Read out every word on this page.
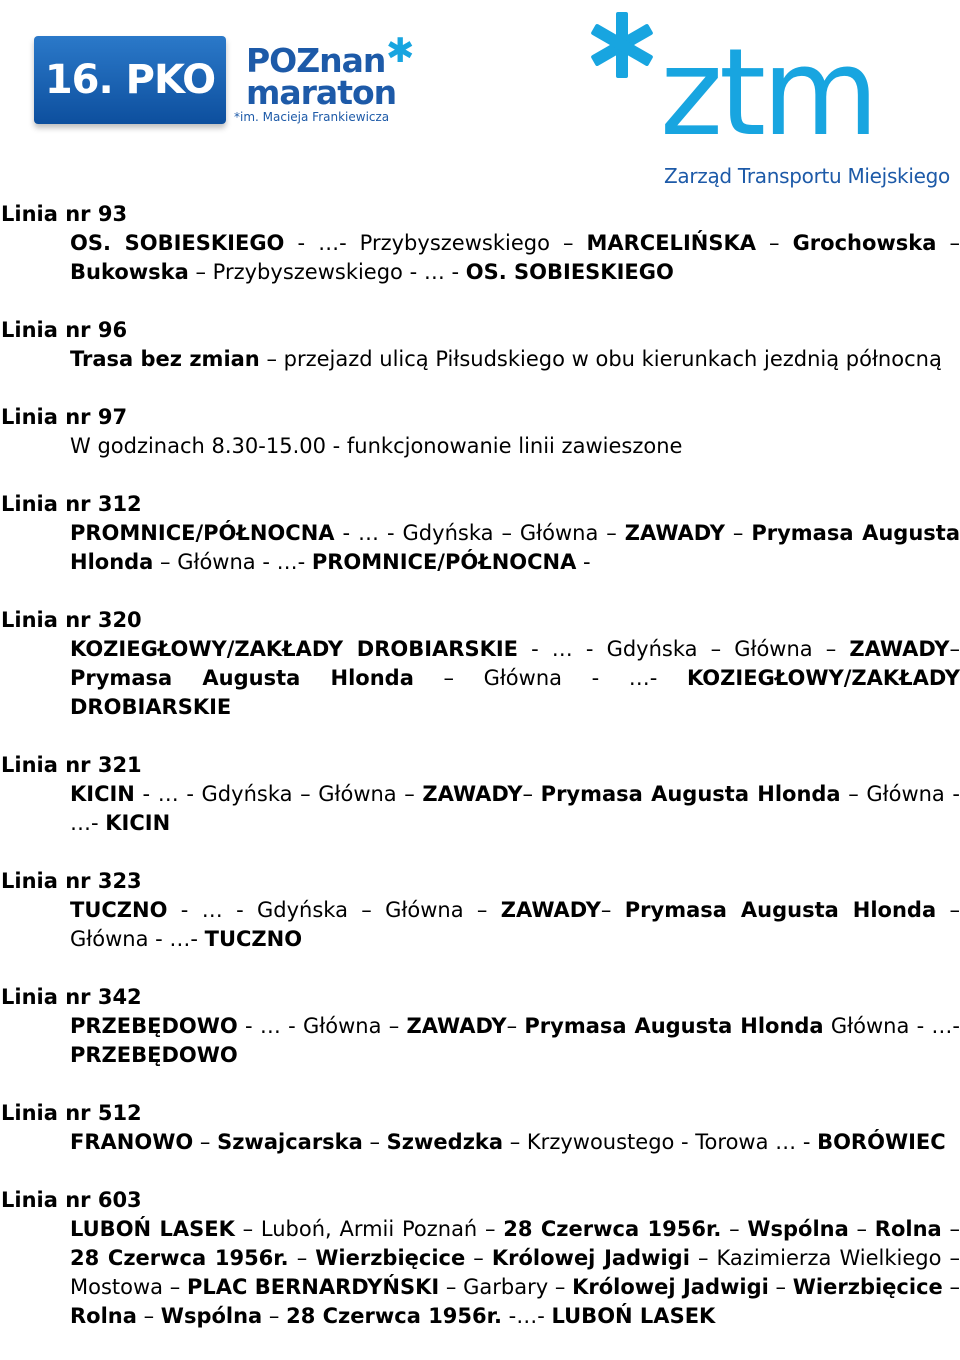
16. PKO POZnan ✱
maraton
*im. Macieja Frankiewicza ztm
Zarząd Transportu Miejskiego
Linia nr 93
OS. SOBIESKIEGO - …- Przybyszewskiego – MARCELIŃSKA – Grochowska – Bukowska – Przybyszewskiego - … - OS. SOBIESKIEGO
Linia nr 96
Trasa bez zmian – przejazd ulicą Piłsudskiego w obu kierunkach jezdnią północną
Linia nr 97
W godzinach 8.30-15.00 - funkcjonowanie linii zawieszone
Linia nr 312
PROMNICE/PÓŁNOCNA - … - Gdyńska – Główna – ZAWADY – Prymasa Augusta Hlonda – Główna - …- PROMNICE/PÓŁNOCNA -
Linia nr 320
KOZIEGŁOWY/ZAKŁADY DROBIARSKIE - … - Gdyńska – Główna – ZAWADY– Prymasa Augusta Hlonda – Główna - …- KOZIEGŁOWY/ZAKŁADY DROBIARSKIE
Linia nr 321
KICIN - … - Gdyńska – Główna – ZAWADY– Prymasa Augusta Hlonda – Główna - …- KICIN
Linia nr 323
TUCZNO - … - Gdyńska – Główna – ZAWADY– Prymasa Augusta Hlonda – Główna - …- TUCZNO
Linia nr 342
PRZEBĘDOWO - … - Główna – ZAWADY– Prymasa Augusta Hlonda Główna - …- PRZEBĘDOWO
Linia nr 512
FRANOWO – Szwajcarska – Szwedzka – Krzywoustego - Torowa … - BORÓWIEC
Linia nr 603
LUBOŃ LASEK – Luboń, Armii Poznań – 28 Czerwca 1956r. – Wspólna – Rolna – 28 Czerwca 1956r. – Wierzbięcice – Królowej Jadwigi – Kazimierza Wielkiego – Mostowa – PLAC BERNARDYŃSKI – Garbary – Królowej Jadwigi – Wierzbięcice – Rolna – Wspólna – 28 Czerwca 1956r. -…- LUBOŃ LASEK
